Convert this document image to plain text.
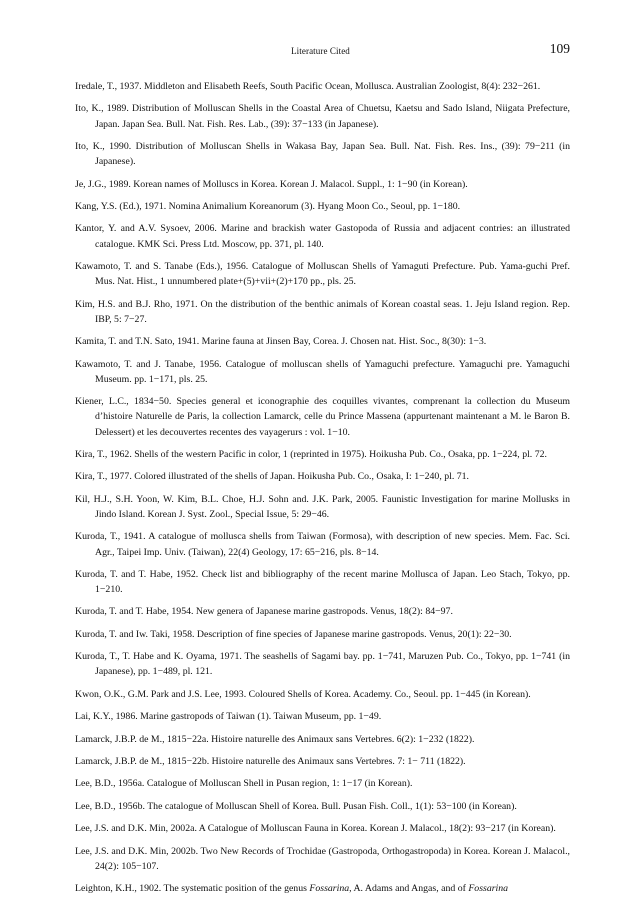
Literature Cited	109

Iredale, T., 1937. Middleton and Elisabeth Reefs, South Pacific Ocean, Mollusca. Australian Zoologist, 8(4): 232−261.

Ito, K., 1989. Distribution of Molluscan Shells in the Coastal Area of Chuetsu, Kaetsu and Sado Island, Niigata Prefecture, Japan. Japan Sea. Bull. Nat. Fish. Res. Lab., (39): 37−133 (in Japanese).

Ito, K., 1990. Distribution of Molluscan Shells in Wakasa Bay, Japan Sea. Bull. Nat. Fish. Res. Ins., (39): 79−211 (in Japanese).

Je, J.G., 1989. Korean names of Molluscs in Korea. Korean J. Malacol. Suppl., 1: 1−90 (in Korean).

Kang, Y.S. (Ed.), 1971. Nomina Animalium Koreanorum (3). Hyang Moon Co., Seoul, pp. 1−180.

Kantor, Y. and A.V. Sysoev, 2006. Marine and brackish water Gastopoda of Russia and adjacent contries: an illustrated catalogue. KMK Sci. Press Ltd. Moscow, pp. 371, pl. 140.

Kawamoto, T. and S. Tanabe (Eds.), 1956. Catalogue of Molluscan Shells of Yamaguti Prefecture. Pub. Yama-guchi Pref. Mus. Nat. Hist., 1 unnumbered plate+(5)+vii+(2)+170 pp., pls. 25.

Kim, H.S. and B.J. Rho, 1971. On the distribution of the benthic animals of Korean coastal seas. 1. Jeju Island region. Rep. IBP, 5: 7−27.

Kamita, T. and T.N. Sato, 1941. Marine fauna at Jinsen Bay, Corea. J. Chosen nat. Hist. Soc., 8(30): 1−3.

Kawamoto, T. and J. Tanabe, 1956. Catalogue of molluscan shells of Yamaguchi prefecture. Yamaguchi pre. Yamaguchi Museum. pp. 1−171, pls. 25.

Kiener, L.C., 1834−50. Species general et iconographie des coquilles vivantes, comprenant la collection du Museum d’histoire Naturelle de Paris, la collection Lamarck, celle du Prince Massena (appurtenant maintenant a M. le Baron B. Delessert) et les decouvertes recentes des vayagerurs : vol. 1−10.

Kira, T., 1962. Shells of the western Pacific in color, 1 (reprinted in 1975). Hoikusha Pub. Co., Osaka, pp. 1−224, pl. 72.

Kira, T., 1977. Colored illustrated of the shells of Japan. Hoikusha Pub. Co., Osaka, I: 1−240, pl. 71.

Kil, H.J., S.H. Yoon, W. Kim, B.L. Choe, H.J. Sohn and. J.K. Park, 2005. Faunistic Investigation for marine Mollusks in Jindo Island. Korean J. Syst. Zool., Special Issue, 5: 29−46.

Kuroda, T., 1941. A catalogue of mollusca shells from Taiwan (Formosa), with description of new species. Mem. Fac. Sci. Agr., Taipei Imp. Univ. (Taiwan), 22(4) Geology, 17: 65−216, pls. 8−14.

Kuroda, T. and T. Habe, 1952. Check list and bibliography of the recent marine Mollusca of Japan. Leo Stach, Tokyo, pp. 1−210.

Kuroda, T. and T. Habe, 1954. New genera of Japanese marine gastropods. Venus, 18(2): 84−97.

Kuroda, T. and Iw. Taki, 1958. Description of fine species of Japanese marine gastropods. Venus, 20(1): 22−30.

Kuroda, T., T. Habe and K. Oyama, 1971. The seashells of Sagami bay. pp. 1−741, Maruzen Pub. Co., Tokyo, pp. 1−741 (in Japanese), pp. 1−489, pl. 121.

Kwon, O.K., G.M. Park and J.S. Lee, 1993. Coloured Shells of Korea. Academy. Co., Seoul. pp. 1−445 (in Korean).

Lai, K.Y., 1986. Marine gastropods of Taiwan (1). Taiwan Museum, pp. 1−49.

Lamarck, J.B.P. de M., 1815−22a. Histoire naturelle des Animaux sans Vertebres. 6(2): 1−232 (1822).

Lamarck, J.B.P. de M., 1815−22b. Histoire naturelle des Animaux sans Vertebres. 7: 1− 711 (1822).

Lee, B.D., 1956a. Catalogue of Molluscan Shell in Pusan region, 1: 1−17 (in Korean).

Lee, B.D., 1956b. The catalogue of Molluscan Shell of Korea. Bull. Pusan Fish. Coll., 1(1): 53−100 (in Korean).

Lee, J.S. and D.K. Min, 2002a. A Catalogue of Molluscan Fauna in Korea. Korean J. Malacol., 18(2): 93−217 (in Korean).

Lee, J.S. and D.K. Min, 2002b. Two New Records of Trochidae (Gastropoda, Orthogastropoda) in Korea. Korean J. Malacol., 24(2): 105−107.

Leighton, K.H., 1902. The systematic position of the genus Fossarina, A. Adams and Angas, and of Fossarina
